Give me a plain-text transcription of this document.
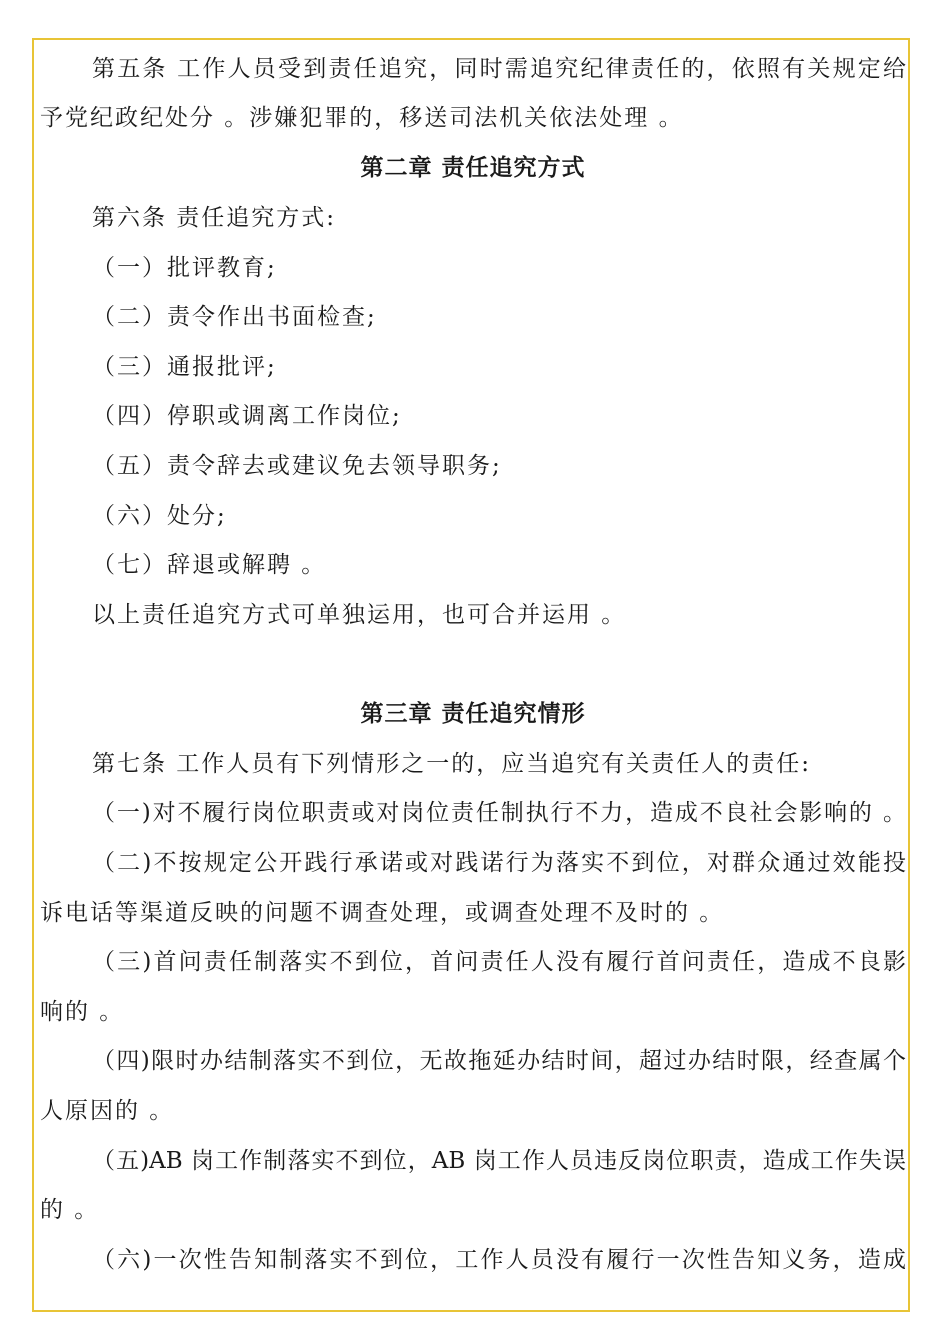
第五条 工作人员受到责任追究，同时需追究纪律责任的，依照有关规定给
予党纪政纪处分 。涉嫌犯罪的，移送司法机关依法处理 。
第二章 责任追究方式
第六条 责任追究方式:
（一）批评教育;
（二）责令作出书面检查;
（三）通报批评;
（四）停职或调离工作岗位;
（五）责令辞去或建议免去领导职务;
（六）处分;
（七）辞退或解聘 。
以上责任追究方式可单独运用，也可合并运用 。
第三章 责任追究情形
第七条 工作人员有下列情形之一的，应当追究有关责任人的责任:
（一)对不履行岗位职责或对岗位责任制执行不力，造成不良社会影响的 。
（二)不按规定公开践行承诺或对践诺行为落实不到位，对群众通过效能投
诉电话等渠道反映的问题不调查处理，或调查处理不及时的 。
（三)首问责任制落实不到位，首问责任人没有履行首问责任，造成不良影
响的 。
（四)限时办结制落实不到位，无故拖延办结时间，超过办结时限，经查属个
人原因的 。
（五)AB 岗工作制落实不到位，AB 岗工作人员违反岗位职责，造成工作失误
的 。
（六)一次性告知制落实不到位，工作人员没有履行一次性告知义务，造成
